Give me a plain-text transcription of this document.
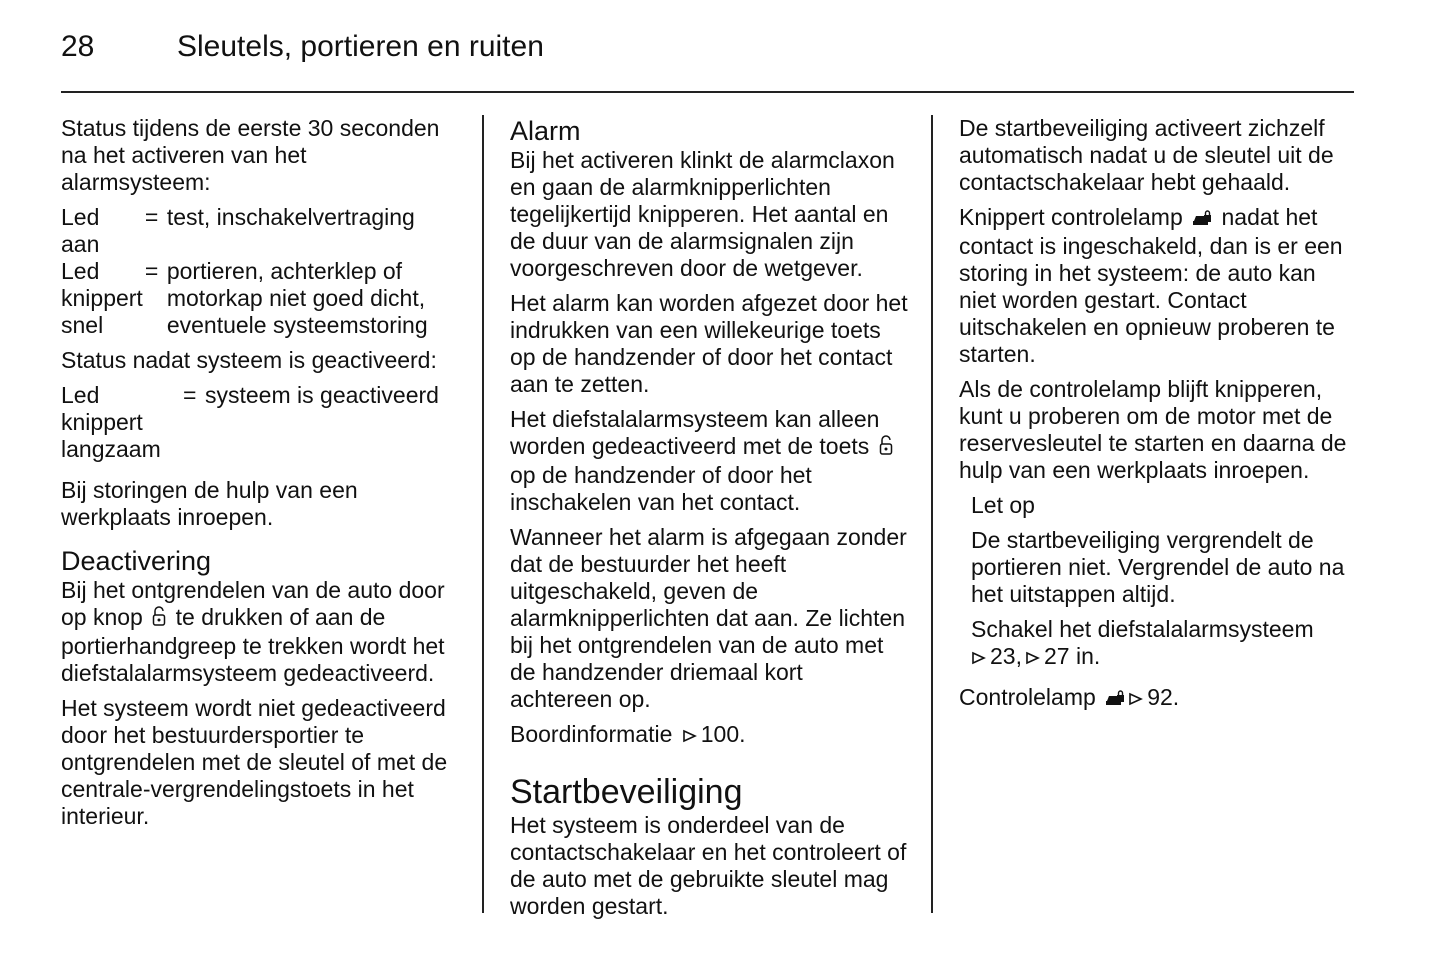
28	Sleutels, portieren en ruiten

Status tijdens de eerste 30 seconden na het activeren van het alarmsysteem:

Led aan	=	test, inschakelvertraging
Led knippert snel	=	portieren, achterklep of motorkap niet goed dicht, eventuele systeemstoring

Status nadat systeem is geactiveerd:

Led knippert langzaam	=	systeem is geactiveerd

Bij storingen de hulp van een werkplaats inroepen.

Deactivering

Bij het ontgrendelen van de auto door op knop  te drukken of aan de portierhandgreep te trekken wordt het diefstalalarmsysteem gedeactiveerd.

Het systeem wordt niet gedeactiveerd door het bestuurdersportier te ontgrendelen met de sleutel of met de centrale-vergrendelingstoets in het interieur.

Alarm

Bij het activeren klinkt de alarmclaxon en gaan de alarmknipperlichten tegelijkertijd knipperen. Het aantal en de duur van de alarmsignalen zijn voorgeschreven door de wetgever.

Het alarm kan worden afgezet door het indrukken van een willekeurige toets op de handzender of door het contact aan te zetten.

Het diefstalalarmsysteem kan alleen worden gedeactiveerd met de toets  op de handzender of door het inschakelen van het contact.

Wanneer het alarm is afgegaan zonder dat de bestuurder het heeft uitgeschakeld, geven de alarmknipperlichten dat aan. Ze lichten bij het ontgrendelen van de auto met de handzender driemaal kort achtereen op.

Boordinformatie 100.

Startbeveiliging

Het systeem is onderdeel van de contactschakelaar en het controleert of de auto met de gebruikte sleutel mag worden gestart.

De startbeveiliging activeert zichzelf automatisch nadat u de sleutel uit de contactschakelaar hebt gehaald.

Knippert controlelamp  nadat het contact is ingeschakeld, dan is er een storing in het systeem: de auto kan niet worden gestart. Contact uitschakelen en opnieuw proberen te starten.

Als de controlelamp blijft knipperen, kunt u proberen om de motor met de reservesleutel te starten en daarna de hulp van een werkplaats inroepen.

Let op

De startbeveiliging vergrendelt de portieren niet. Vergrendel de auto na het uitstappen altijd.

Schakel het diefstalalarmsysteem
23, 27 in.

Controlelamp 92.
